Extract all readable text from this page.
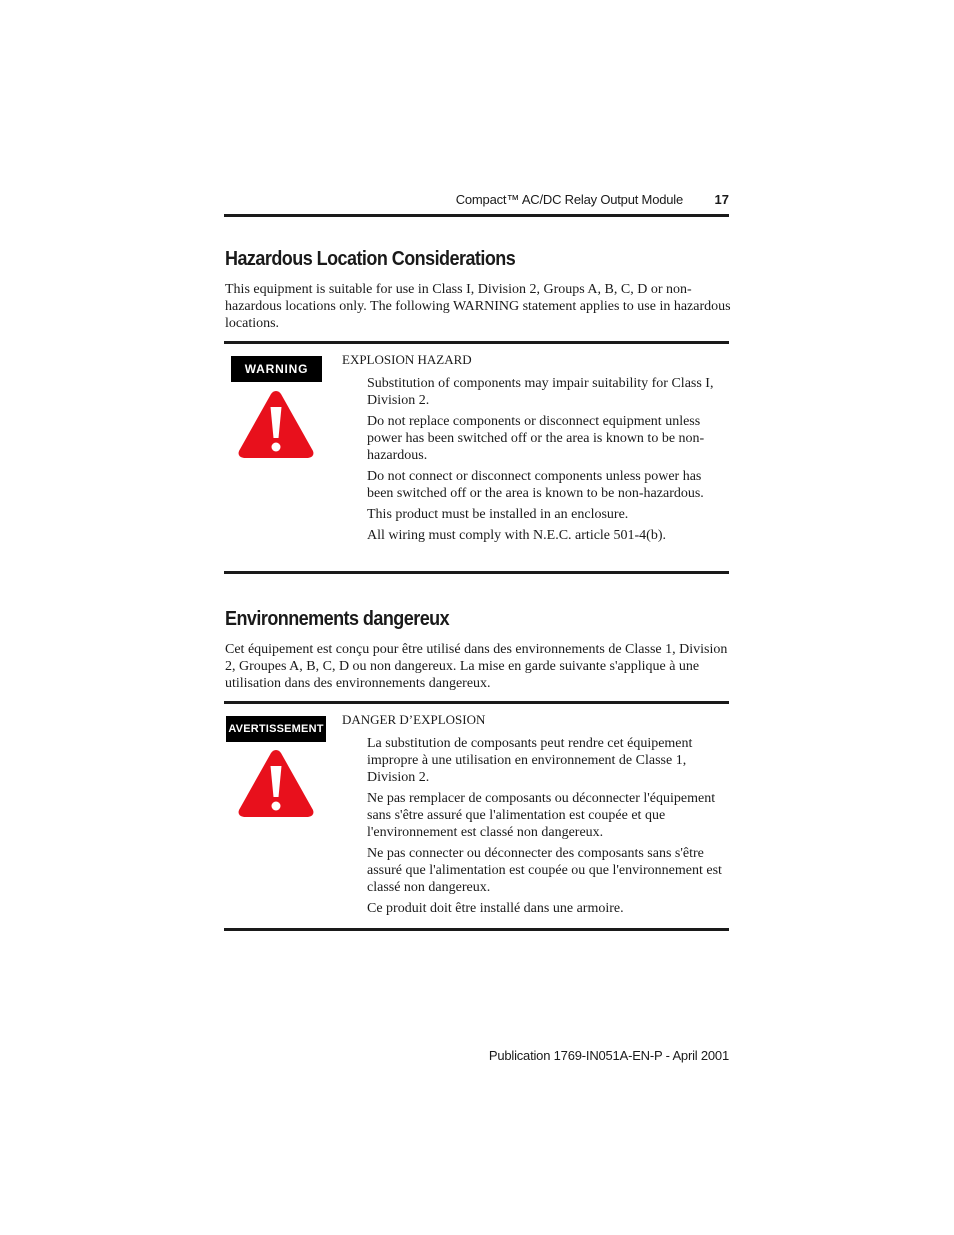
Compact™ AC/DC Relay Output Module 17
Hazardous Location Considerations

This equipment is suitable for use in Class I, Division 2, Groups A, B, C, D or non-hazardous locations only. The following WARNING statement applies to use in hazardous locations.

WARNING

EXPLOSION HAZARD

Substitution of components may impair suitability for Class I, Division 2.
Do not replace components or disconnect equipment unless power has been switched off or the area is known to be non-hazardous.
Do not connect or disconnect components unless power has been switched off or the area is known to be non-hazardous.
This product must be installed in an enclosure.
All wiring must comply with N.E.C. article 501-4(b).
Environnements dangereux

Cet équipement est conçu pour être utilisé dans des environnements de Classe 1, Division 2, Groupes A, B, C, D ou non dangereux. La mise en garde suivante s'applique à une utilisation dans des environnements dangereux.

AVERTISSEMENT

DANGER D’EXPLOSION

La substitution de composants peut rendre cet équipement impropre à une utilisation en environnement de Classe 1, Division 2.
Ne pas remplacer de composants ou déconnecter l'équipement sans s'être assuré que l'alimentation est coupée et que l'environnement est classé non dangereux.
Ne pas connecter ou déconnecter des composants sans s'être assuré que l'alimentation est coupée ou que l'environnement est classé non dangereux.
Ce produit doit être installé dans une armoire.
Publication 1769-IN051A-EN-P - April 2001
